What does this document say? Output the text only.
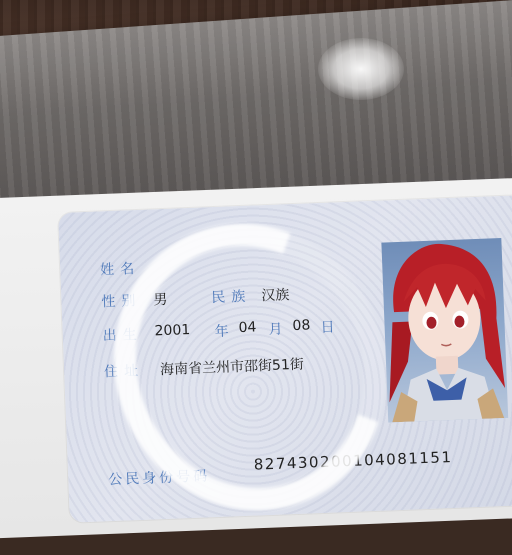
姓名
性别 男	民族 汉族
出生 2001 年 04 月 08 日
住址 海南省兰州市邵街51街
公民身份号码
827430200104081151
